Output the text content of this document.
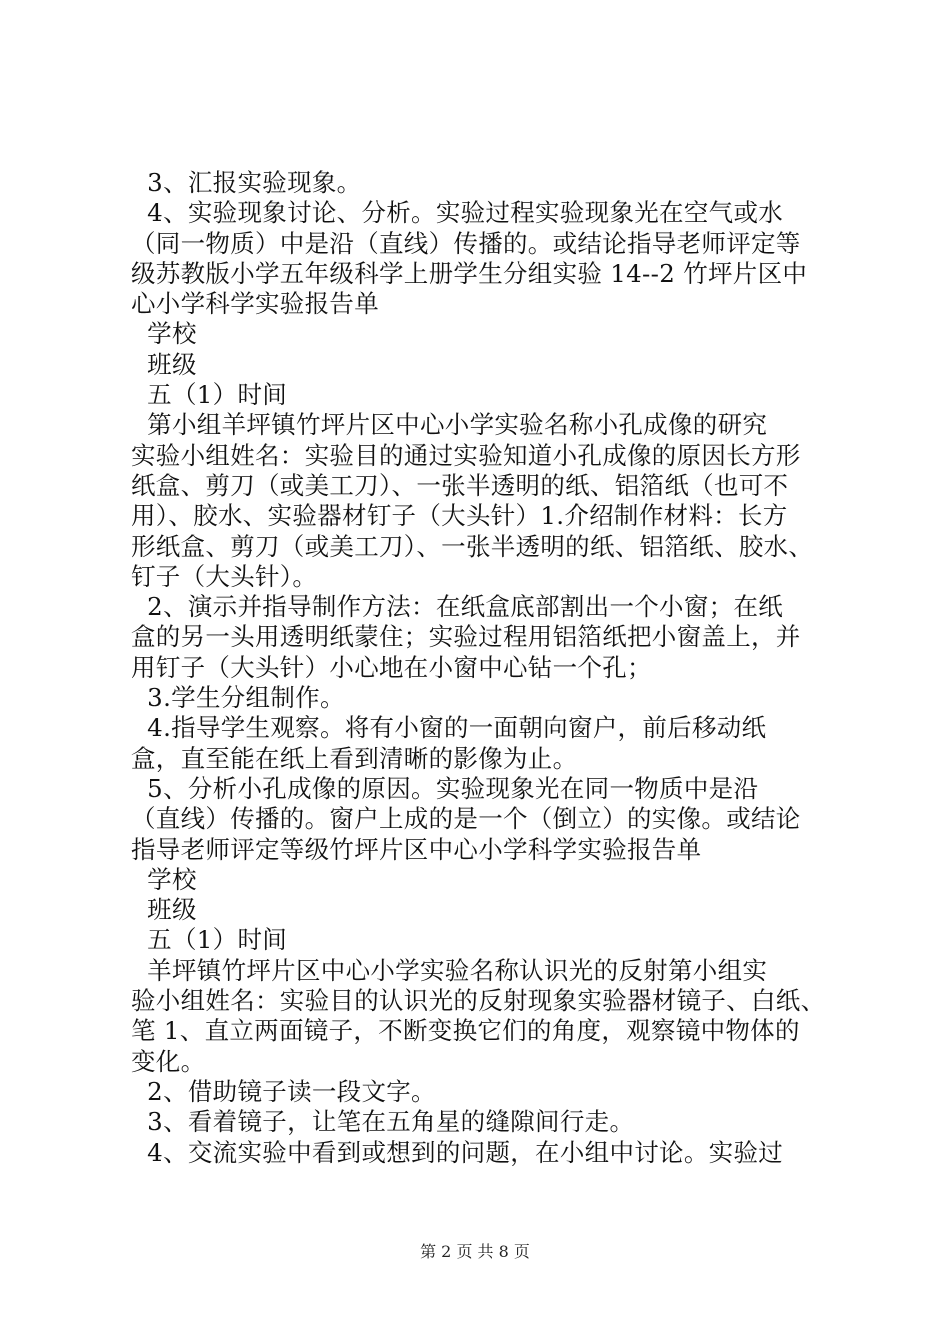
3、汇报实验现象。
4、实验现象讨论、分析。实验过程实验现象光在空气或水
（同一物质）中是沿（直线）传播的。或结论指导老师评定等
级苏教版小学五年级科学上册学生分组实验 14--2 竹坪片区中
心小学科学实验报告单
学校
班级
五（1）时间
第小组羊坪镇竹坪片区中心小学实验名称小孔成像的研究
实验小组姓名：实验目的通过实验知道小孔成像的原因长方形
纸盒、剪刀（或美工刀）、一张半透明的纸、铝箔纸（也可不
用）、胶水、实验器材钉子（大头针）1.介绍制作材料：长方
形纸盒、剪刀（或美工刀）、一张半透明的纸、铝箔纸、胶水、
钉子（大头针）。
2、演示并指导制作方法：在纸盒底部割出一个小窗；在纸
盒的另一头用透明纸蒙住；实验过程用铝箔纸把小窗盖上，并
用钉子（大头针）小心地在小窗中心钻一个孔；
3.学生分组制作。
4.指导学生观察。将有小窗的一面朝向窗户，前后移动纸
盒，直至能在纸上看到清晰的影像为止。
5、分析小孔成像的原因。实验现象光在同一物质中是沿
（直线）传播的。窗户上成的是一个（倒立）的实像。或结论
指导老师评定等级竹坪片区中心小学科学实验报告单
学校
班级
五（1）时间
羊坪镇竹坪片区中心小学实验名称认识光的反射第小组实
验小组姓名：实验目的认识光的反射现象实验器材镜子、白纸、
笔 1、直立两面镜子，不断变换它们的角度，观察镜中物体的
变化。
2、借助镜子读一段文字。
3、看着镜子，让笔在五角星的缝隙间行走。
4、交流实验中看到或想到的问题，在小组中讨论。实验过
第 2 页 共 8 页
